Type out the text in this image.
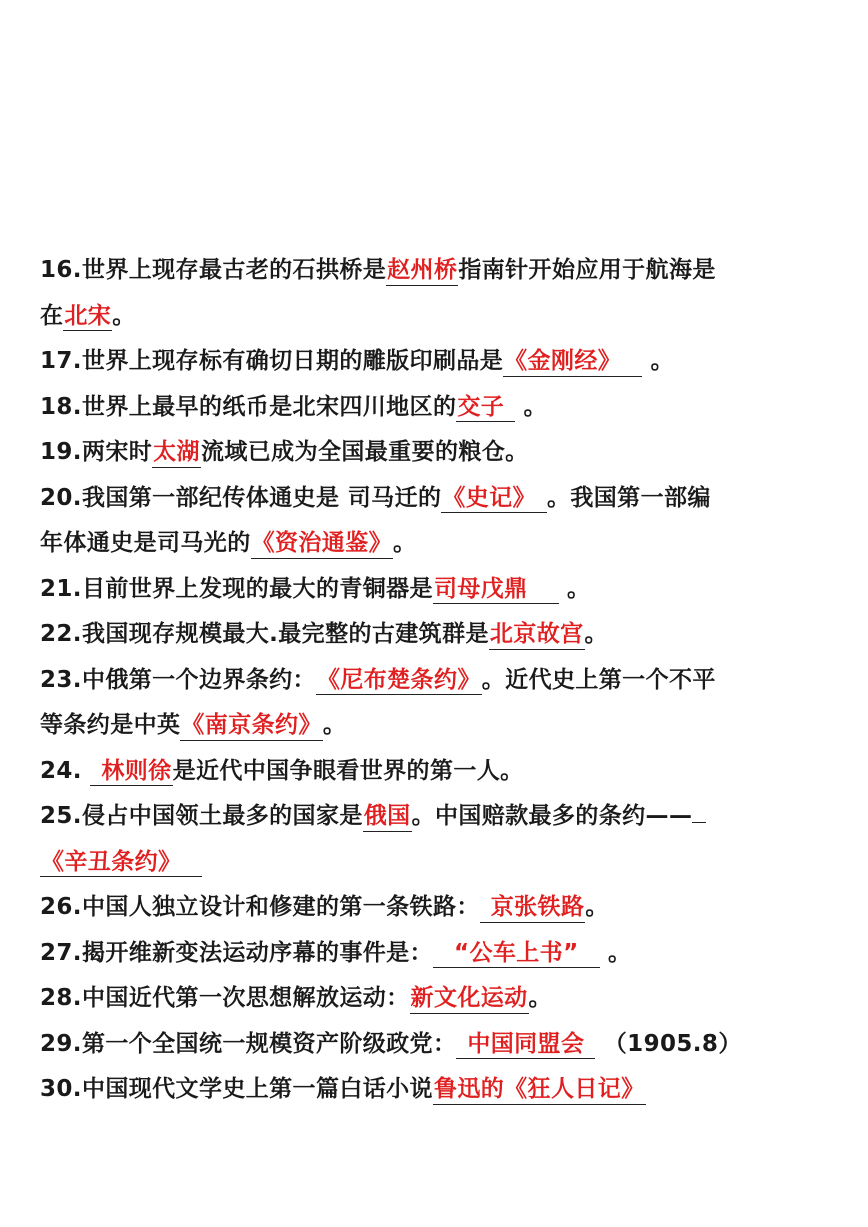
16.世界上现存最古老的石拱桥是赵州桥指南针开始应用于航海是
在北宋。
17.世界上现存标有确切日期的雕版印刷品是《金刚经》 。
18.世界上最早的纸币是北宋四川地区的交子 。
19.两宋时太湖流域已成为全国最重要的粮仓。
20.我国第一部纪传体通史是 司马迁的《史记》 。我国第一部编
年体通史是司马光的《资治通鉴》。
21.目前世界上发现的最大的青铜器是司母戊鼎 。
22.我国现存规模最大.最完整的古建筑群是北京故宫。
23.中俄第一个边界条约：《尼布楚条约》。近代史上第一个不平
等条约是中英《南京条约》。
24. 林则徐是近代中国争眼看世界的第一人。
25.侵占中国领土最多的国家是俄国。中国赔款最多的条约——
《辛丑条约》
26.中国人独立设计和修建的第一条铁路： 京张铁路。
27.揭开维新变法运动序幕的事件是： “公车上书” 。
28.中国近代第一次思想解放运动：新文化运动。
29.第一个全国统一规模资产阶级政党： 中国同盟会 （1905.8）
30.中国现代文学史上第一篇白话小说鲁迅的《狂人日记》
